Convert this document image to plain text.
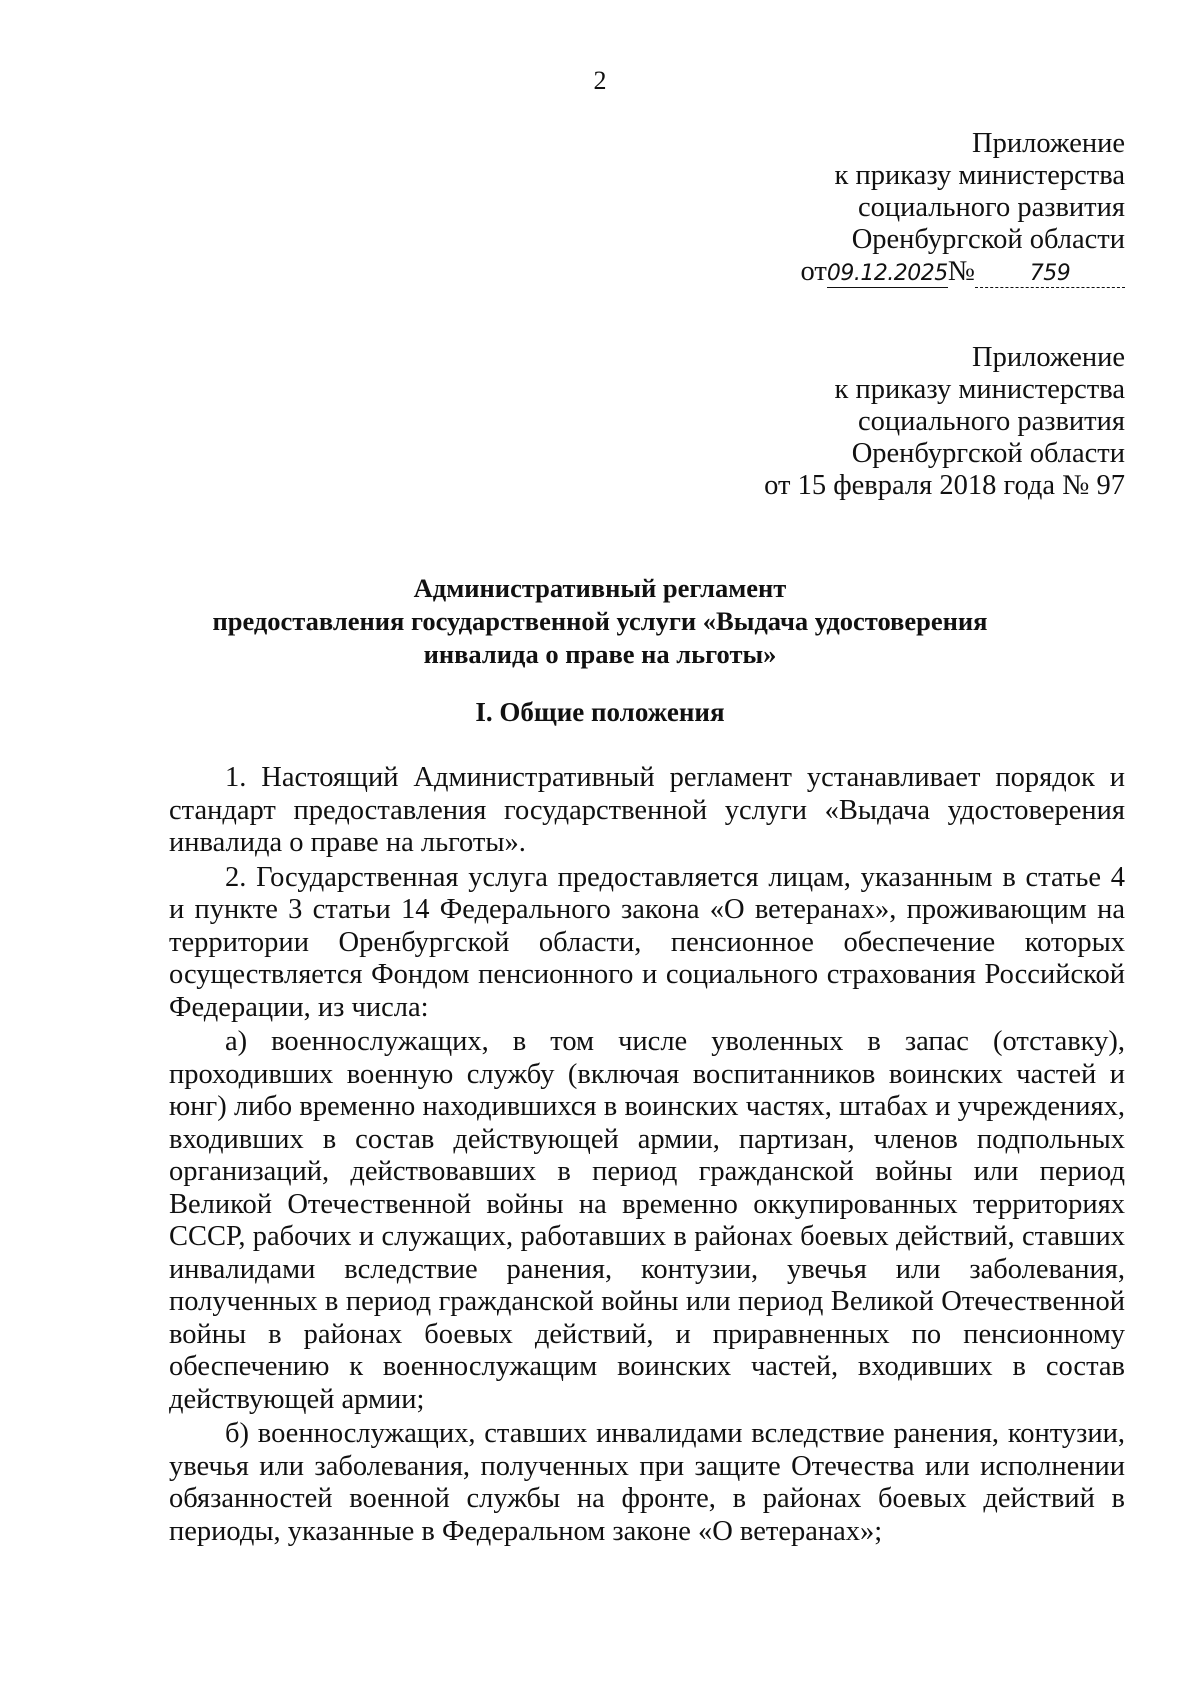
2
Приложение
к приказу министерства
социального развития
Оренбургской области
от09.12.2025№ 759
Приложение
к приказу министерства
социального развития
Оренбургской области
от 15 февраля 2018 года № 97
Административный регламент
предоставления государственной услуги «Выдача удостоверения
инвалида о праве на льготы»
I. Общие положения

1. Настоящий Административный регламент устанавливает порядок и стандарт предоставления государственной услуги «Выдача удостоверения инвалида о праве на льготы».

2. Государственная услуга предоставляется лицам, указанным в статье 4 и пункте 3 статьи 14 Федерального закона «О ветеранах», проживающим на территории Оренбургской области, пенсионное обеспечение которых осуществляется Фондом пенсионного и социального страхования Российской Федерации, из числа:

а) военнослужащих, в том числе уволенных в запас (отставку), проходивших военную службу (включая воспитанников воинских частей и юнг) либо временно находившихся в воинских частях, штабах и учреждениях, входивших в состав действующей армии, партизан, членов подпольных организаций, действовавших в период гражданской войны или период Великой Отечественной войны на временно оккупированных территориях СССР, рабочих и служащих, работавших в районах боевых действий, ставших инвалидами вследствие ранения, контузии, увечья или заболевания, полученных в период гражданской войны или период Великой Отечественной войны в районах боевых действий, и приравненных по пенсионному обеспечению к военнослужащим воинских частей, входивших в состав действующей армии;

б) военнослужащих, ставших инвалидами вследствие ранения, контузии, увечья или заболевания, полученных при защите Отечества или исполнении обязанностей военной службы на фронте, в районах боевых действий в периоды, указанные в Федеральном законе «О ветеранах»;
